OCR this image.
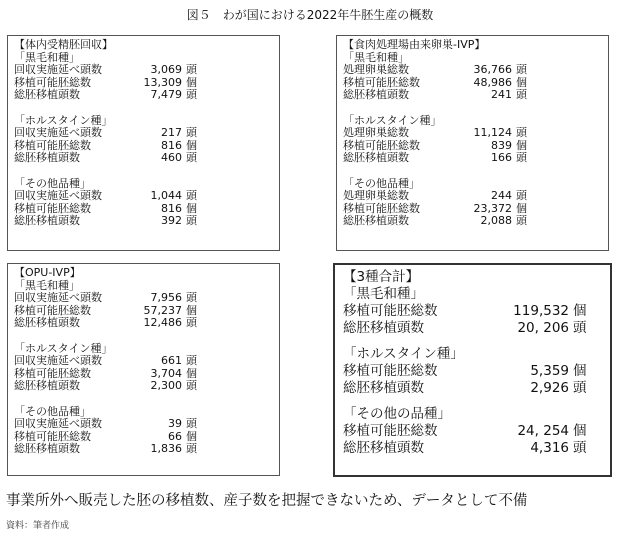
図５　わが国における2022年牛胚生産の概数
【体内受精胚回収】
「黒毛和種」
回収実施延べ頭数	3,069 頭
移植可能胚総数	13,309 個
総胚移植頭数	7,479 頭
「ホルスタイン種」
回収実施延べ頭数	217 頭
移植可能胚総数	816 個
総胚移植頭数	460 頭
「その他品種」
回収実施延べ頭数	1,044 頭
移植可能胚総数	816 個
総胚移植頭数	392 頭
【食肉処理場由来卵巣-IVP】
「黒毛和種」
処理卵巣総数	36,766 頭
移植可能胚総数	48,986 個
総胚移植頭数	241 頭
「ホルスタイン種」
処理卵巣総数	11,124 頭
移植可能胚総数	839 個
総胚移植頭数	166 頭
「その他品種」
処理卵巣総数	244 頭
移植可能胚総数	23,372 個
総胚移植頭数	2,088 頭
【OPU-IVP】
「黒毛和種」
回収実施延べ頭数	7,956 頭
移植可能胚総数	57,237 個
総胚移植頭数	12,486 頭
「ホルスタイン種」
回収実施延べ頭数	661 頭
移植可能胚総数	3,704 個
総胚移植頭数	2,300 頭
「その他品種」
回収実施延べ頭数	39 頭
移植可能胚総数	66 個
総胚移植頭数	1,836 頭
【3種合計】
「黒毛和種」
移植可能胚総数	119,532 個
総胚移植頭数	20, 206 頭
「ホルスタイン種」
移植可能胚総数	5,359 個
総胚移植頭数	2,926 頭
「その他の品種」
移植可能胚総数	24, 254 個
総胚移植頭数	4,316 頭
事業所外へ販売した胚の移植数、産子数を把握できないため、データとして不備
資料：筆者作成
